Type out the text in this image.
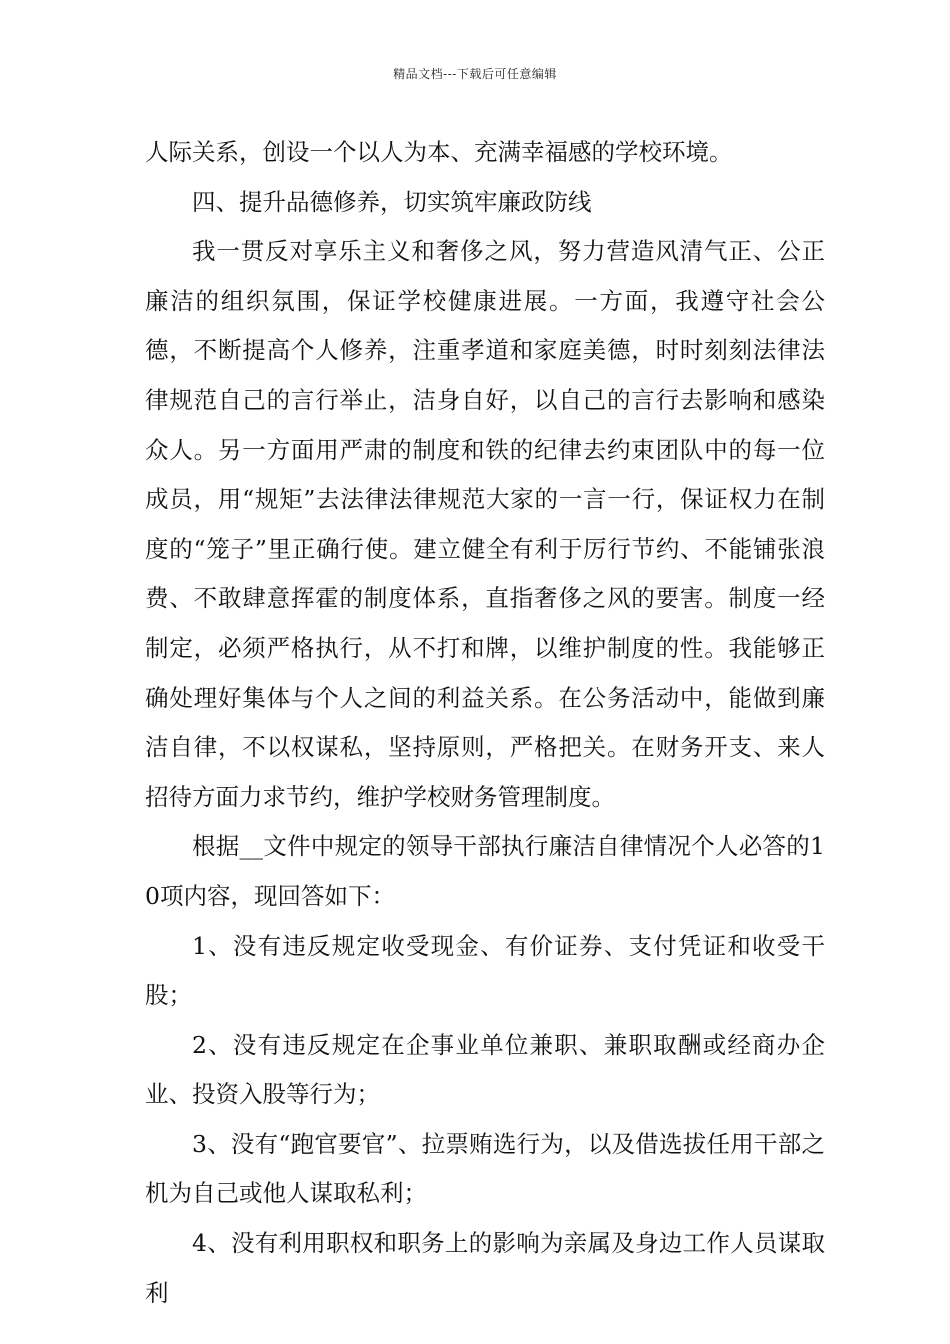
精品文档---下载后可任意编辑

人际关系，创设一个以人为本、充满幸福感的学校环境。

四、提升品德修养，切实筑牢廉政防线

我一贯反对享乐主义和奢侈之风，努力营造风清气正、公正廉洁的组织氛围，保证学校健康进展。一方面，我遵守社会公德，不断提高个人修养，注重孝道和家庭美德，时时刻刻法律法律规范自己的言行举止，洁身自好，以自己的言行去影响和感染众人。另一方面用严肃的制度和铁的纪律去约束团队中的每一位成员，用“规矩”去法律法律规范大家的一言一行，保证权力在制度的“笼子”里正确行使。建立健全有利于厉行节约、不能铺张浪费、不敢肆意挥霍的制度体系，直指奢侈之风的要害。制度一经制定，必须严格执行，从不打和牌，以维护制度的性。我能够正确处理好集体与个人之间的利益关系。在公务活动中，能做到廉洁自律，不以权谋私，坚持原则，严格把关。在财务开支、来人招待方面力求节约，维护学校财务管理制度。

根据__文件中规定的领导干部执行廉洁自律情况个人必答的10项内容，现回答如下：

1、没有违反规定收受现金、有价证券、支付凭证和收受干股；

2、没有违反规定在企事业单位兼职、兼职取酬或经商办企业、投资入股等行为；

3、没有“跑官要官”、拉票贿选行为，以及借选拔任用干部之机为自己或他人谋取私利；

4、没有利用职权和职务上的影响为亲属及身边工作人员谋取利
